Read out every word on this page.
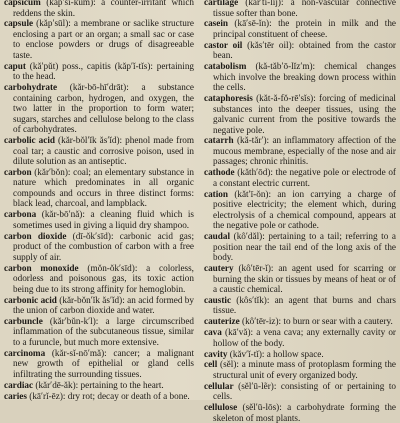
capsicum (kăp′sĭ-kŭm): a counter-irritant which reddens the skin.
capsule (kăp′sūl): a membrane or saclike structure enclosing a part or an organ; a small sac or case to enclose powders or drugs of disagreeable taste.
caput (kă′pŭt) poss., capitis (kăp′ĭ-tĭs): pertaining to the head.
carbohydrate (kăr-bō-hī′drāt): a substance containing carbon, hydrogen, and oxygen, the two latter in the proportion to form water; sugars, starches and cellulose belong to the class of carbohydrates.
carbolic acid (kăr-bŏl′ĭk ăs′ĭd): phenol made from coal tar; a caustic and corrosive poison, used in dilute solution as an antiseptic.
carbon (kăr′bŏn): coal; an elementary substance in nature which predominates in all organic compounds and occurs in three distinct forms: black lead, charcoal, and lampblack.
carbona (kăr-bō′nă): a cleaning fluid which is sometimes used in giving a liquid dry shampoo.
carbon dioxide (dī-ŏk′sīd): carbonic acid gas; product of the combustion of carbon with a free supply of air.
carbon monoxide (mŏn-ŏk′sīd): a colorless, odorless and poisonous gas, its toxic action being due to its strong affinity for hemoglobin.
carbonic acid (kăr-bŏn′ĭk ăs′ĭd): an acid formed by the union of carbon dioxide and water.
carbuncle (kăr′bŭn-k′l): a large circumscribed inflammation of the subcutaneous tissue, similar to a furuncle, but much more extensive.
carcinoma (kăr-sĭ-nō′mă): cancer; a malignant new growth of epithelial or gland cells infiltrating the surrounding tissues.
cardiac (kăr′dē-ăk): pertaining to the heart.
caries (kā′rĭ-ēz): dry rot; decay or death of a bone.
cartilage (kăr′tĭ-lĭj): a non-vascular connective tissue softer than bone.
casein (kā′sē-ĭn): the protein in milk and the principal constituent of cheese.
castor oil (kăs′tēr oil): obtained from the castor bean.
catabolism (kă-tăb′ō-lĭz′m): chemical changes which involve the breaking down process within the cells.
cataphoresis (kăt-ă-fŏ-rē′sĭs): forcing of medicinal substances into the deeper tissues, using the galvanic current from the positive towards the negative pole.
catarrh (kă-tăr′): an inflammatory affection of the mucous membrane, especially of the nose and air passages; chronic rhinitis.
cathode (kăth′ōd): the negative pole or electrode of a constant electric current.
cation (kăt′ī-ŏn): an ion carrying a charge of positive electricity; the element which, during electrolysis of a chemical compound, appears at the negative pole or cathode.
caudal (kô′dăl): pertaining to a tail; referring to a position near the tail end of the long axis of the body.
cautery (kô′tēr-ĭ): an agent used for scarring or burning the skin or tissues by means of heat or of a caustic chemical.
caustic (kôs′tĭk): an agent that burns and chars tissue.
cauterize (kô′tēr-iz): to burn or sear with a cautery.
cava (kā′vă): a vena cava; any externally cavity or hollow of the body.
cavity (kăv′ĭ-tĭ): a hollow space.
cell (sĕl): a minute mass of protoplasm forming the structural unit of every organized body.
cellular (sĕl′ū-lẽr): consisting of or pertaining to cells.
cellulose (sĕl′ū-lōs): a carbohydrate forming the skeleton of most plants.
